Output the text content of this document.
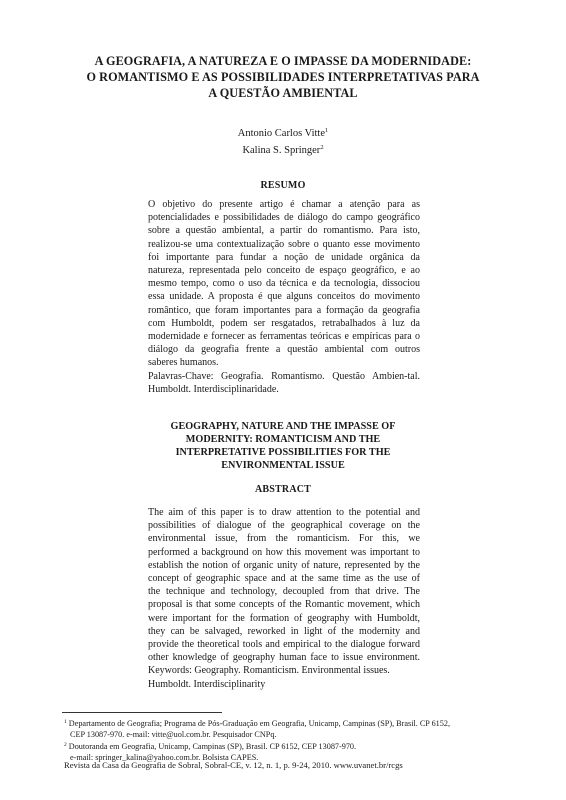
A GEOGRAFIA, A NATUREZA E O IMPASSE DA MODERNIDADE:
O ROMANTISMO E AS POSSIBILIDADES INTERPRETATIVAS PARA
A QUESTÃO AMBIENTAL
Antonio Carlos Vitte$^1$
Kalina S. Springer$^2$
RESUMO
O objetivo do presente artigo é chamar a atenção para as
potencialidades e possibilidades de diálogo do campo geográfico
sobre a questão ambiental, a partir do romantismo. Para isto,
realizou-se uma contextualização sobre o quanto esse movimento
foi importante para fundar a noção de unidade orgânica da
natureza, representada pelo conceito de espaço geográfico, e ao
mesmo tempo, como o uso da técnica e da tecnologia, dissociou
essa unidade. A proposta é que alguns conceitos do movimento
romântico, que foram importantes para a formação da geografia
com Humboldt, podem ser resgatados, retrabalhados à luz da
modernidade e fornecer as ferramentas teóricas e empíricas para o
diálogo da geografia frente a questão ambiental com outros
saberes humanos.
Palavras-Chave: Geografia. Romantismo. Questão Ambien-tal.
Humboldt. Interdisciplinaridade.
GEOGRAPHY, NATURE AND THE IMPASSE OF
MODERNITY: ROMANTICISM AND THE
INTERPRETATIVE POSSIBILITIES FOR THE
ENVIRONMENTAL ISSUE
ABSTRACT
The aim of this paper is to draw attention to the potential and
possibilities of dialogue of the geographical coverage on the
environmental issue, from the romanticism. For this, we
performed a background on how this movement was important to
establish the notion of organic unity of nature, represented by the
concept of geographic space and at the same time as the use of
the technique and technology, decoupled from that drive. The
proposal is that some concepts of the Romantic movement, which
were important for the formation of geography with Humboldt,
they can be salvaged, reworked in light of the modernity and
provide the theoretical tools and empirical to the dialogue forward
other knowledge of geography human face to issue environment.
Keywords: Geography. Romanticism. Environmental issues.
Humboldt. Interdisciplinarity
$^1$ Departamento de Geografia; Programa de Pós-Graduação em Geografia, Unicamp, Campinas (SP), Brasil. CP 6152,
CEP 13087-970. e-mail: vitte@uol.com.br. Pesquisador CNPq.
$^2$ Doutoranda em Geografia, Unicamp, Campinas (SP), Brasil. CP 6152, CEP 13087-970.
e-mail: springer_kalina@yahoo.com.br. Bolsista CAPES.
Revista da Casa da Geografia de Sobral, Sobral-CE, v. 12, n. 1, p. 9-24, 2010. www.uvanet.br/rcgs
